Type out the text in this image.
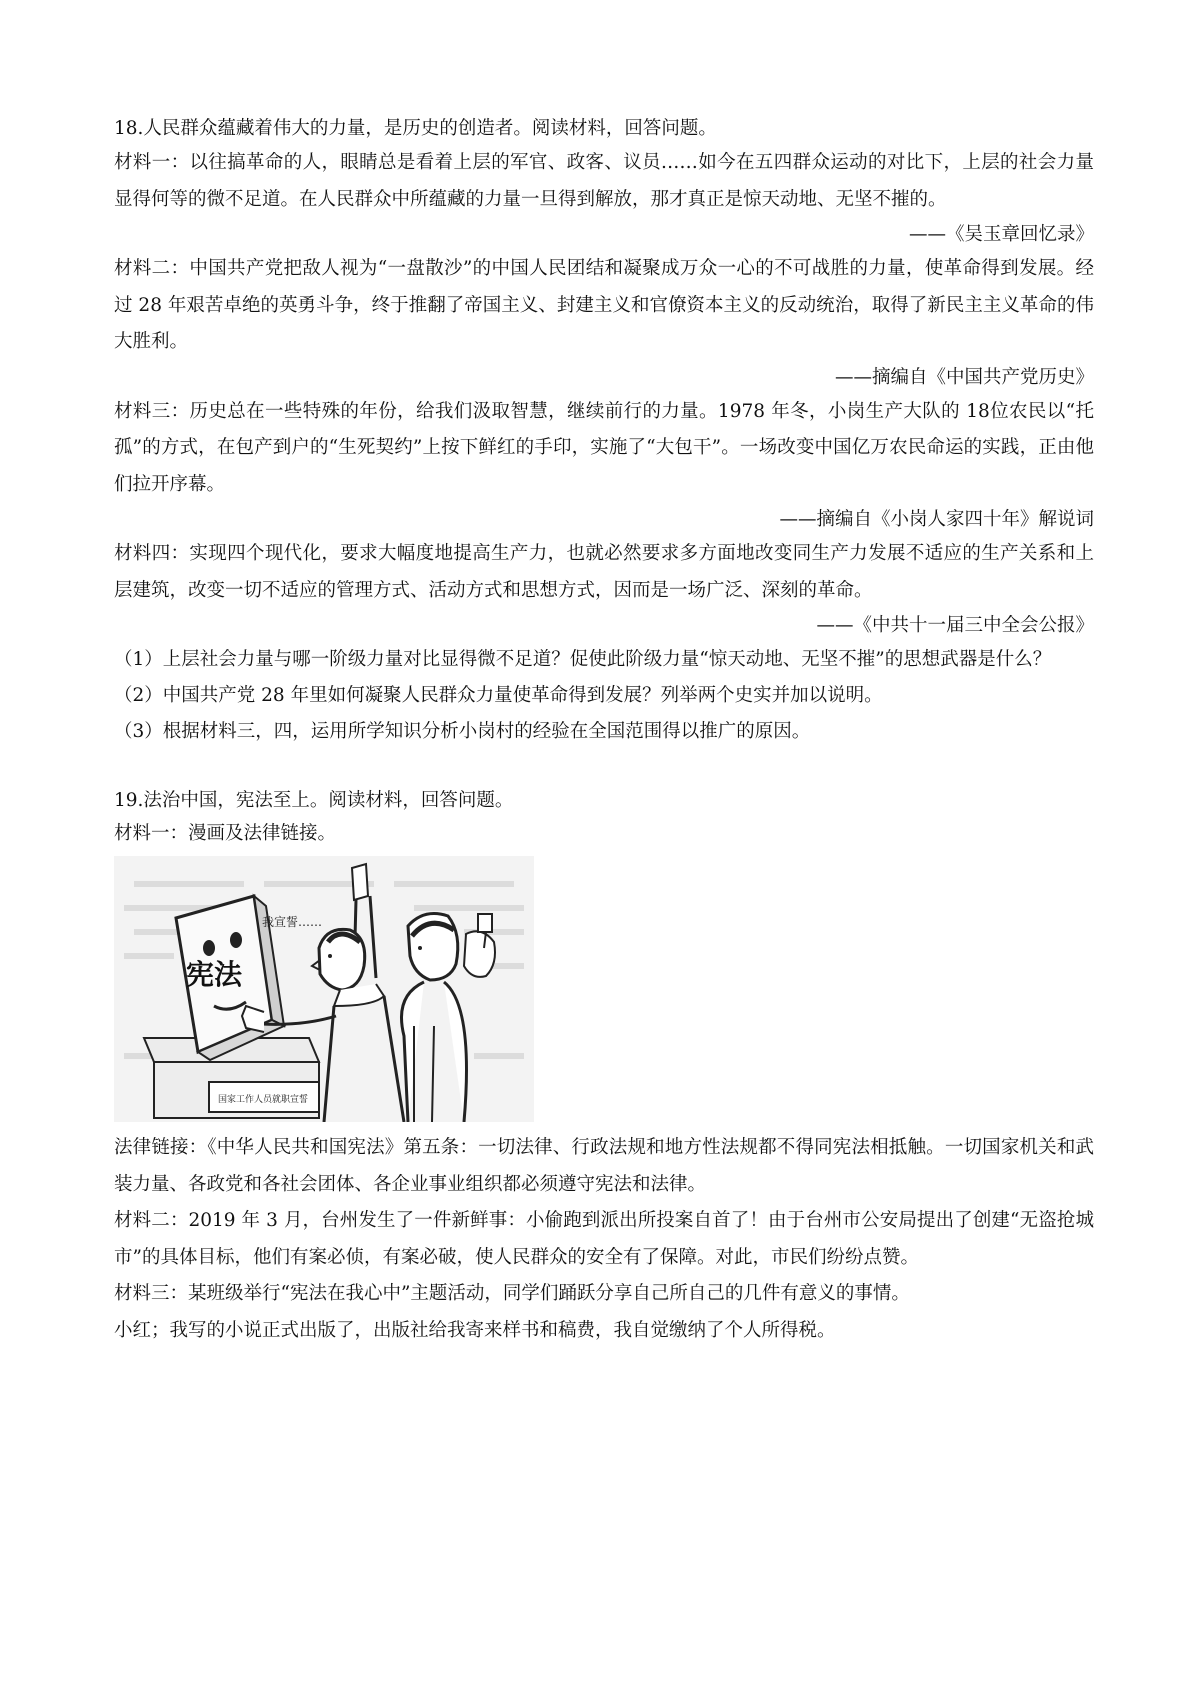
18.人民群众蕴藏着伟大的力量，是历史的创造者。阅读材料，回答问题。

材料一：以往搞革命的人，眼睛总是看着上层的军官、政客、议员……如今在五四群众运动的对比下，上层的社会力量显得何等的微不足道。在人民群众中所蕴藏的力量一旦得到解放，那才真正是惊天动地、无坚不摧的。

——《吴玉章回忆录》

材料二：中国共产党把敌人视为“一盘散沙”的中国人民团结和凝聚成万众一心的不可战胜的力量，使革命得到发展。经过 28 年艰苦卓绝的英勇斗争，终于推翻了帝国主义、封建主义和官僚资本主义的反动统治，取得了新民主主义革命的伟大胜利。

——摘编自《中国共产党历史》

材料三：历史总在一些特殊的年份，给我们汲取智慧，继续前行的力量。1978 年冬，小岗生产大队的 18位农民以“托孤”的方式，在包产到户的“生死契约”上按下鲜红的手印，实施了“大包干”。一场改变中国亿万农民命运的实践，正由他们拉开序幕。

——摘编自《小岗人家四十年》解说词

材料四：实现四个现代化，要求大幅度地提高生产力，也就必然要求多方面地改变同生产力发展不适应的生产关系和上层建筑，改变一切不适应的管理方式、活动方式和思想方式，因而是一场广泛、深刻的革命。

——《中共十一届三中全会公报》

（1）上层社会力量与哪一阶级力量对比显得微不足道？促使此阶级力量“惊天动地、无坚不摧”的思想武器是什么？

（2）中国共产党 28 年里如何凝聚人民群众力量使革命得到发展？列举两个史实并加以说明。

（3）根据材料三，四，运用所学知识分析小岗村的经验在全国范围得以推广的原因。

19.法治中国，宪法至上。阅读材料，回答问题。

材料一：漫画及法律链接。

宪法
我宣誓……
国家工作人员就职宣誓

法律链接：《中华人民共和国宪法》第五条：一切法律、行政法规和地方性法规都不得同宪法相抵触。一切国家机关和武装力量、各政党和各社会团体、各企业事业组织都必须遵守宪法和法律。

材料二：2019 年 3 月，台州发生了一件新鲜事：小偷跑到派出所投案自首了！由于台州市公安局提出了创建“无盗抢城市”的具体目标，他们有案必侦，有案必破，使人民群众的安全有了保障。对此，市民们纷纷点赞。

材料三：某班级举行“宪法在我心中”主题活动，同学们踊跃分享自己所自己的几件有意义的事情。

小红；我写的小说正式出版了，出版社给我寄来样书和稿费，我自觉缴纳了个人所得税。
